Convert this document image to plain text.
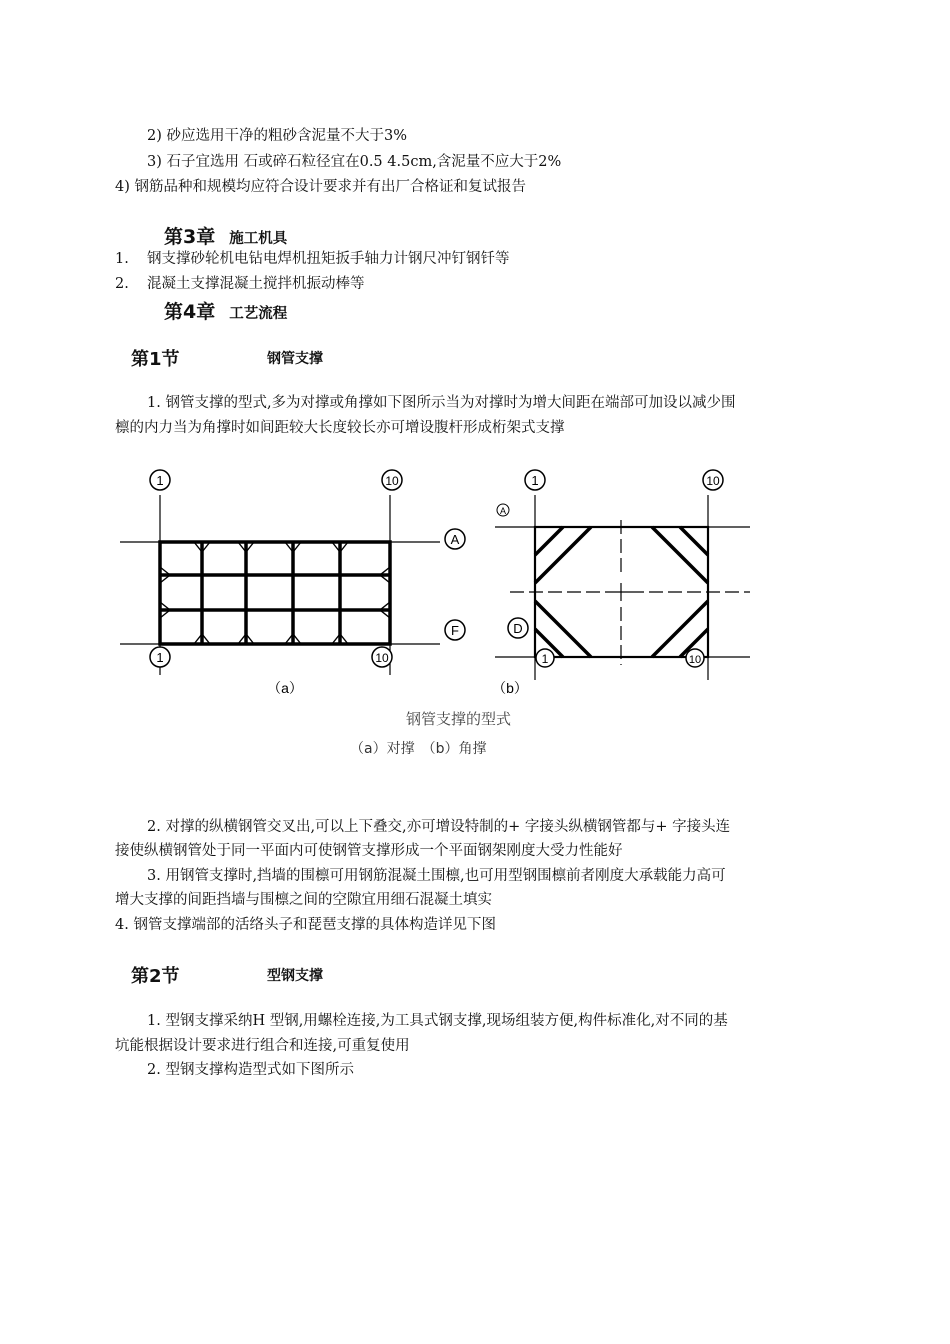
2) 砂应选用干净的粗砂含泥量不大于3%
3) 石子宜选用 石或碎石粒径宜在0.5 4.5cm,含泥量不应大于2%
4) 钢筋品种和规模均应符合设计要求并有出厂合格证和复试报告
第3章 施工机具
1. 钢支撑砂轮机电钻电焊机扭矩扳手轴力计钢尺冲钉钢钎等
2. 混凝土支撑混凝土搅拌机振动棒等
第4章 工艺流程
第1节	钢管支撑
1. 钢管支撑的型式,多为对撑或角撑如下图所示当为对撑时为增大间距在端部可加设以减少围
檩的内力当为角撑时如间距较大长度较长亦可增设腹杆形成桁架式支撑
1	10
A
F
1	10
（a）
1	10
A
D
1	10
（b）
钢管支撑的型式
（a）对撑　（b）角撑
2. 对撑的纵横钢管交叉出,可以上下叠交,亦可增设特制的+ 字接头纵横钢管都与+ 字接头连
接使纵横钢管处于同一平面内可使钢管支撑形成一个平面钢架刚度大受力性能好
3. 用钢管支撑时,挡墙的围檩可用钢筋混凝土围檩,也可用型钢围檩前者刚度大承载能力高可
增大支撑的间距挡墙与围檩之间的空隙宜用细石混凝土填实
4. 钢管支撑端部的活络头子和琵琶支撑的具体构造详见下图
第2节	型钢支撑
1. 型钢支撑采纳H 型钢,用螺栓连接,为工具式钢支撑,现场组装方便,构件标准化,对不同的基
坑能根据设计要求进行组合和连接,可重复使用
2. 型钢支撑构造型式如下图所示
